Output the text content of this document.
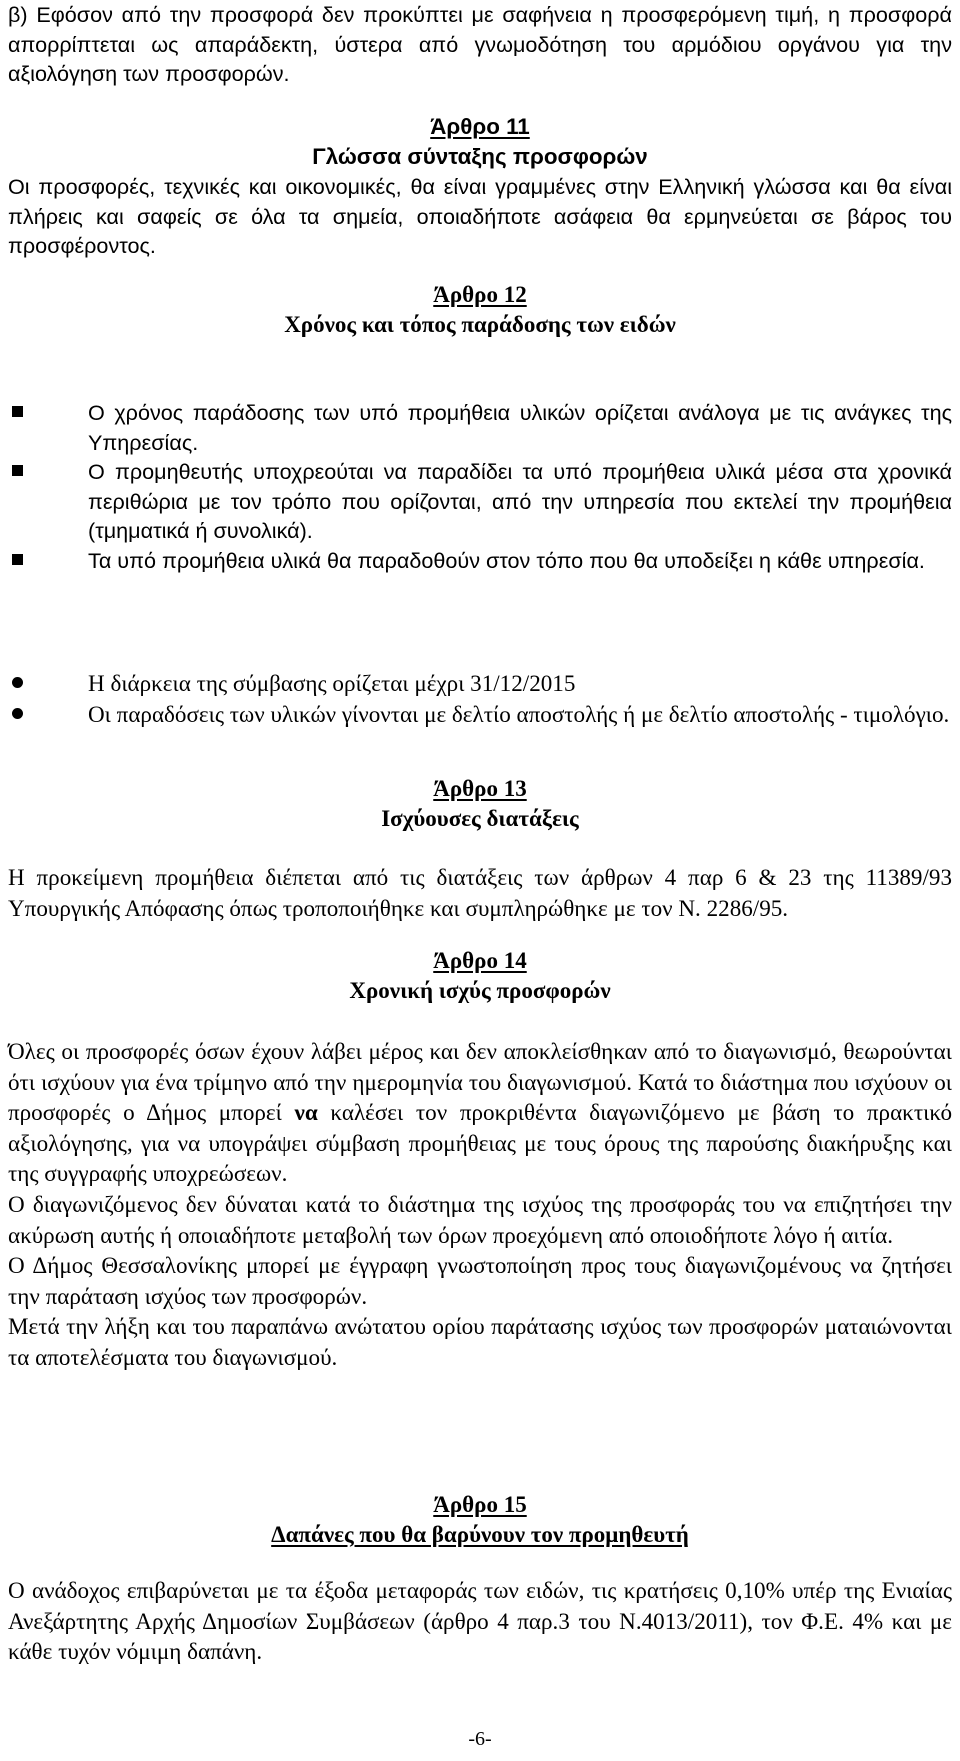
β) Εφόσον από την προσφορά δεν προκύπτει με σαφήνεια η προσφερόμενη τιμή, η προσφορά απορρίπτεται ως απαράδεκτη, ύστερα από γνωμοδότηση του αρμόδιου οργάνου για την αξιολόγηση των προσφορών.

Άρθρο 11
Γλώσσα σύνταξης προσφορών

Οι προσφορές, τεχνικές και οικονομικές, θα είναι γραμμένες στην Ελληνική γλώσσα και θα είναι πλήρεις και σαφείς σε όλα τα σημεία, οποιαδήποτε ασάφεια θα ερμηνεύεται σε βάρος του προσφέροντος.

Άρθρο 12
Χρόνος και τόπος παράδοσης των ειδών
Ο χρόνος παράδοσης των υπό προμήθεια υλικών ορίζεται ανάλογα με τις ανάγκες της Υπηρεσίας.
Ο προμηθευτής υποχρεούται να παραδίδει τα υπό προμήθεια υλικά μέσα στα χρονικά περιθώρια με τον τρόπο που ορίζονται, από την υπηρεσία που εκτελεί την προμήθεια (τμηματικά ή συνολικά).
Τα υπό προμήθεια υλικά θα παραδοθούν στον τόπο που θα υποδείξει η κάθε υπηρεσία.
Η διάρκεια της σύμβασης ορίζεται μέχρι 31/12/2015
Οι παραδόσεις των υλικών γίνονται με δελτίο αποστολής ή με δελτίο αποστολής - τιμολόγιο.
Άρθρο 13
Ισχύουσες διατάξεις

Η προκείμενη προμήθεια διέπεται από τις διατάξεις των άρθρων 4 παρ 6 & 23 της 11389/93 Υπουργικής Απόφασης όπως τροποποιήθηκε και συμπληρώθηκε με τον Ν. 2286/95.

Άρθρο 14
Χρονική ισχύς προσφορών

Όλες οι προσφορές όσων έχουν λάβει μέρος και δεν αποκλείσθηκαν από το διαγωνισμό, θεωρούνται ότι ισχύουν για ένα τρίμηνο από την ημερομηνία του διαγωνισμού. Κατά το διάστημα που ισχύουν οι προσφορές ο Δήμος μπορεί να καλέσει τον προκριθέντα διαγωνιζόμενο με βάση το πρακτικό αξιολόγησης, για να υπογράψει σύμβαση προμήθειας με τους όρους της παρούσης διακήρυξης και της συγγραφής υποχρεώσεων.

Ο διαγωνιζόμενος δεν δύναται κατά το διάστημα της ισχύος της προσφοράς του να επιζητήσει την ακύρωση αυτής ή οποιαδήποτε μεταβολή των όρων προεχόμενη από οποιοδήποτε λόγο ή αιτία.

Ο Δήμος Θεσσαλονίκης μπορεί με έγγραφη γνωστοποίηση προς τους διαγωνιζομένους να ζητήσει την παράταση ισχύος των προσφορών.

Μετά την λήξη και του παραπάνω ανώτατου ορίου παράτασης ισχύος των προσφορών ματαιώνονται τα αποτελέσματα του διαγωνισμού.

Άρθρο 15
Δαπάνες που θα βαρύνουν τον προμηθευτή

Ο ανάδοχος επιβαρύνεται με τα έξοδα μεταφοράς των ειδών, τις κρατήσεις 0,10% υπέρ της Ενιαίας Ανεξάρτητης Αρχής Δημοσίων Συμβάσεων (άρθρο 4 παρ.3 του Ν.4013/2011), τον Φ.Ε. 4% και με κάθε τυχόν νόμιμη δαπάνη.

-6-
